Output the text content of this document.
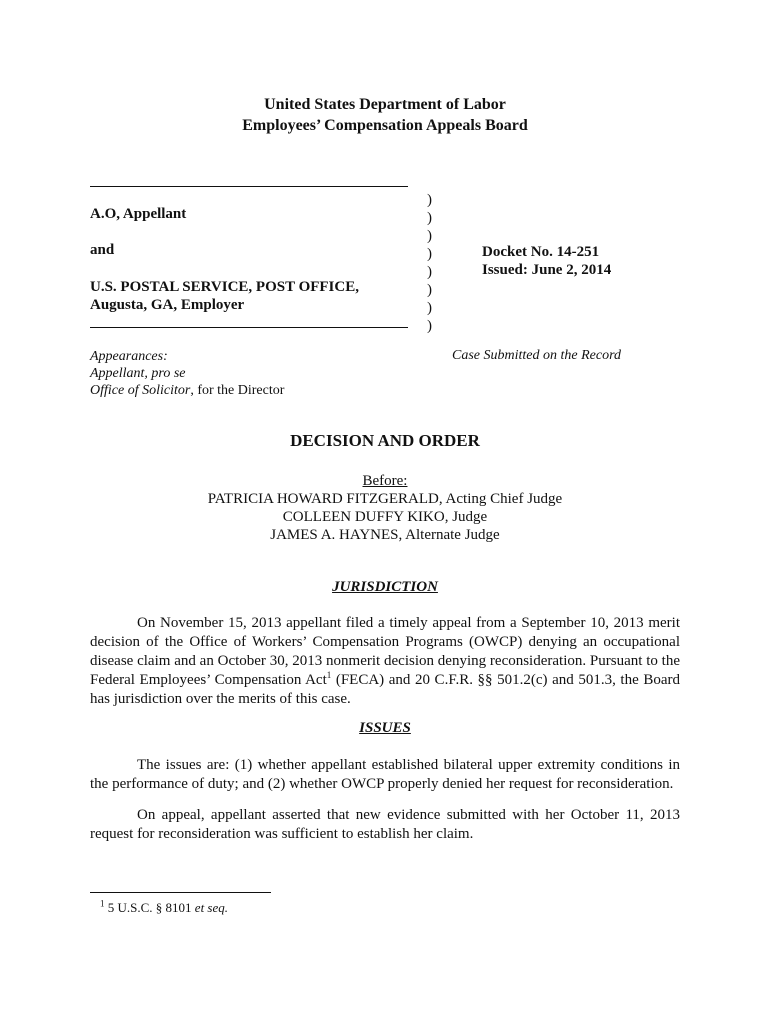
United States Department of Labor
Employees’ Compensation Appeals Board
A.O, Appellant
and
U.S. POSTAL SERVICE, POST OFFICE,
Augusta, GA, Employer
)
)
)
)
)
)
)
)
Docket No. 14-251
Issued: June 2, 2014
Appearances:
Appellant, pro se
Office of Solicitor, for the Director
Case Submitted on the Record
DECISION AND ORDER
Before:
PATRICIA HOWARD FITZGERALD, Acting Chief Judge
COLLEEN DUFFY KIKO, Judge
JAMES A. HAYNES, Alternate Judge
JURISDICTION
On November 15, 2013 appellant filed a timely appeal from a September 10, 2013 merit decision of the Office of Workers’ Compensation Programs (OWCP) denying an occupational disease claim and an October 30, 2013 nonmerit decision denying reconsideration. Pursuant to the Federal Employees’ Compensation Act$^1$ (FECA) and 20 C.F.R. §§ 501.2(c) and 501.3, the Board has jurisdiction over the merits of this case.
ISSUES
The issues are: (1) whether appellant established bilateral upper extremity conditions in the performance of duty; and (2) whether OWCP properly denied her request for reconsideration.
On appeal, appellant asserted that new evidence submitted with her October 11, 2013 request for reconsideration was sufficient to establish her claim.
$^1$ 5 U.S.C. § 8101 et seq.
